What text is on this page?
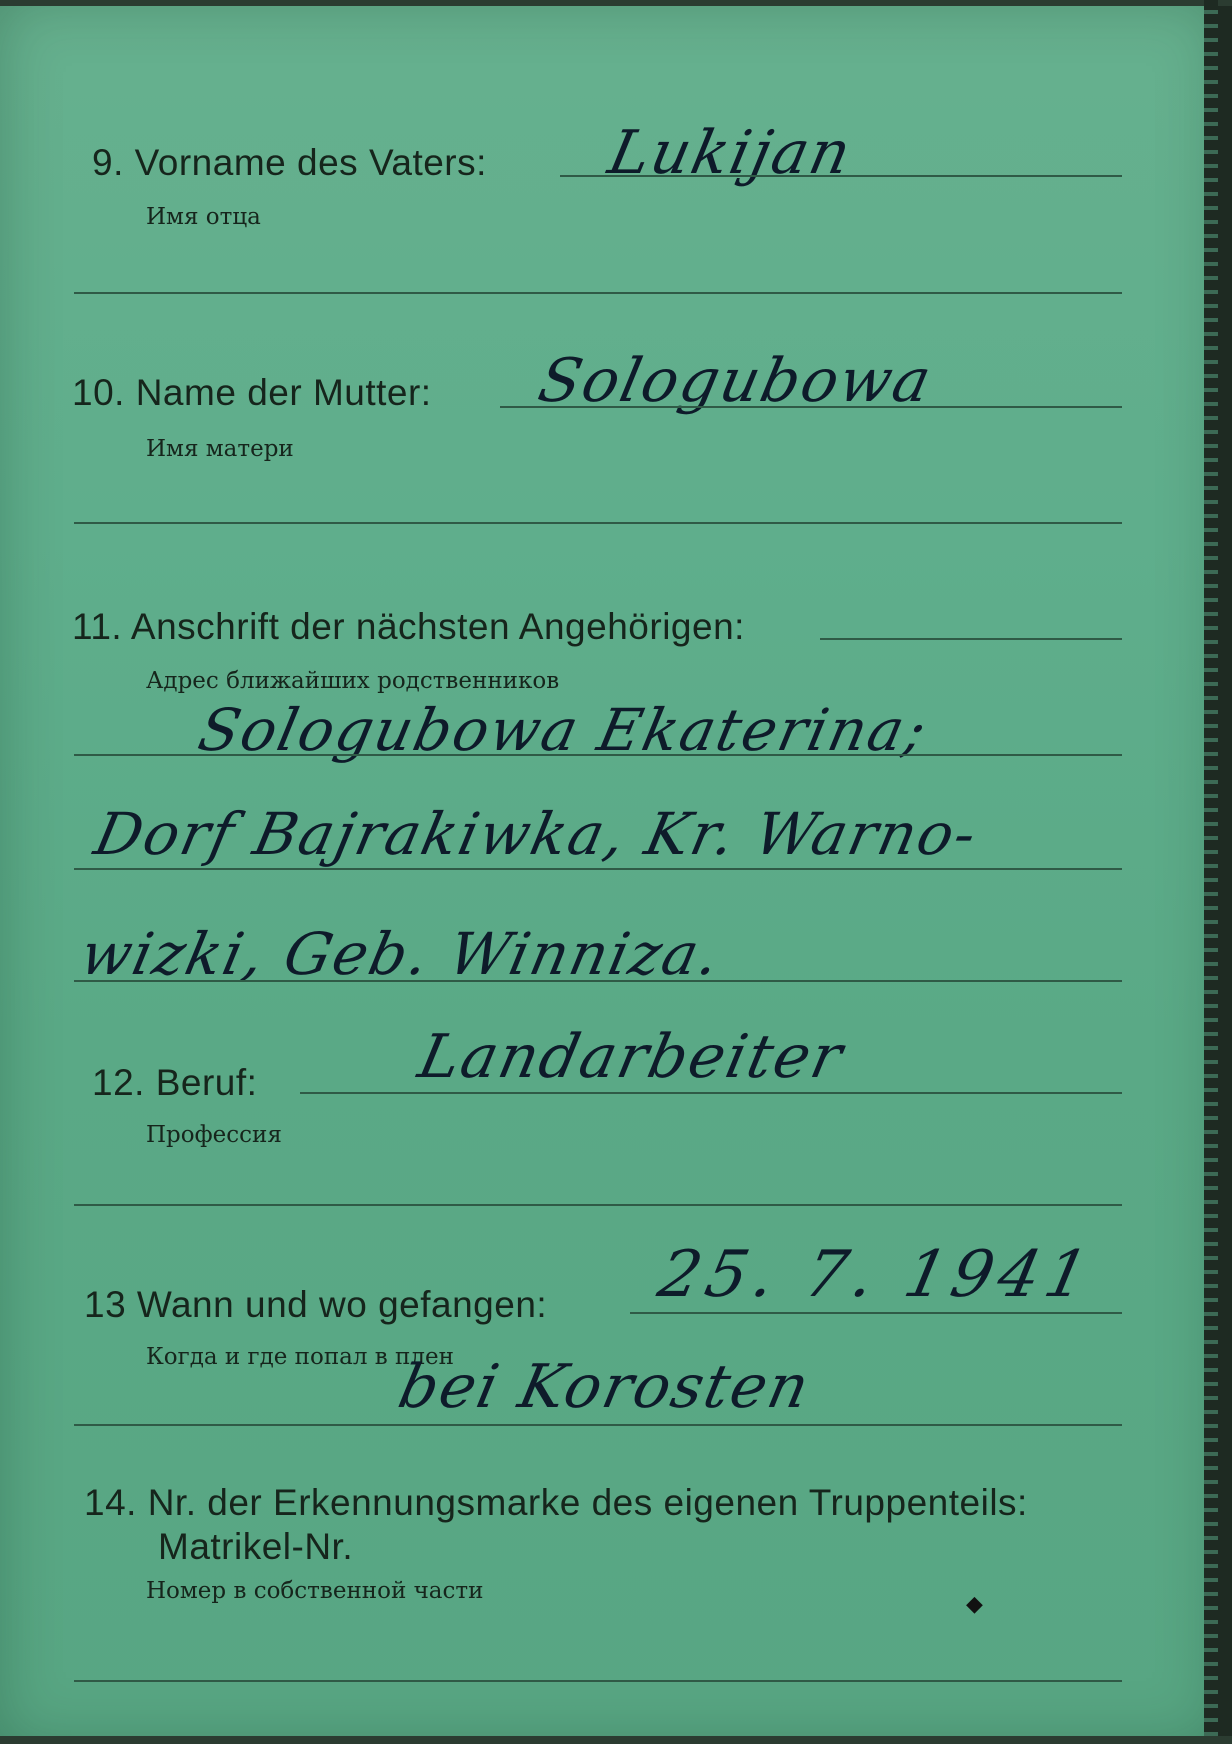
9. Vorname des Vaters:
Имя отца
Lukijan
10. Name der Mutter:
Имя матери
Sologubowa
11. Anschrift der nächsten Angehörigen:
Адрес ближайших родственников
Sologubowa Ekaterina;
Dorf Bajrakiwka, Kr. Warno-
wizki, Geb. Winniza.
12. Beruf:
Профессия
Landarbeiter
13 Wann und wo gefangen:
Когда и где попал в плен
25. 7. 1941
bei Korosten
14. Nr. der Erkennungsmarke des eigenen Truppenteils:
Matrikel-Nr.
Номер в собственной части
◆
